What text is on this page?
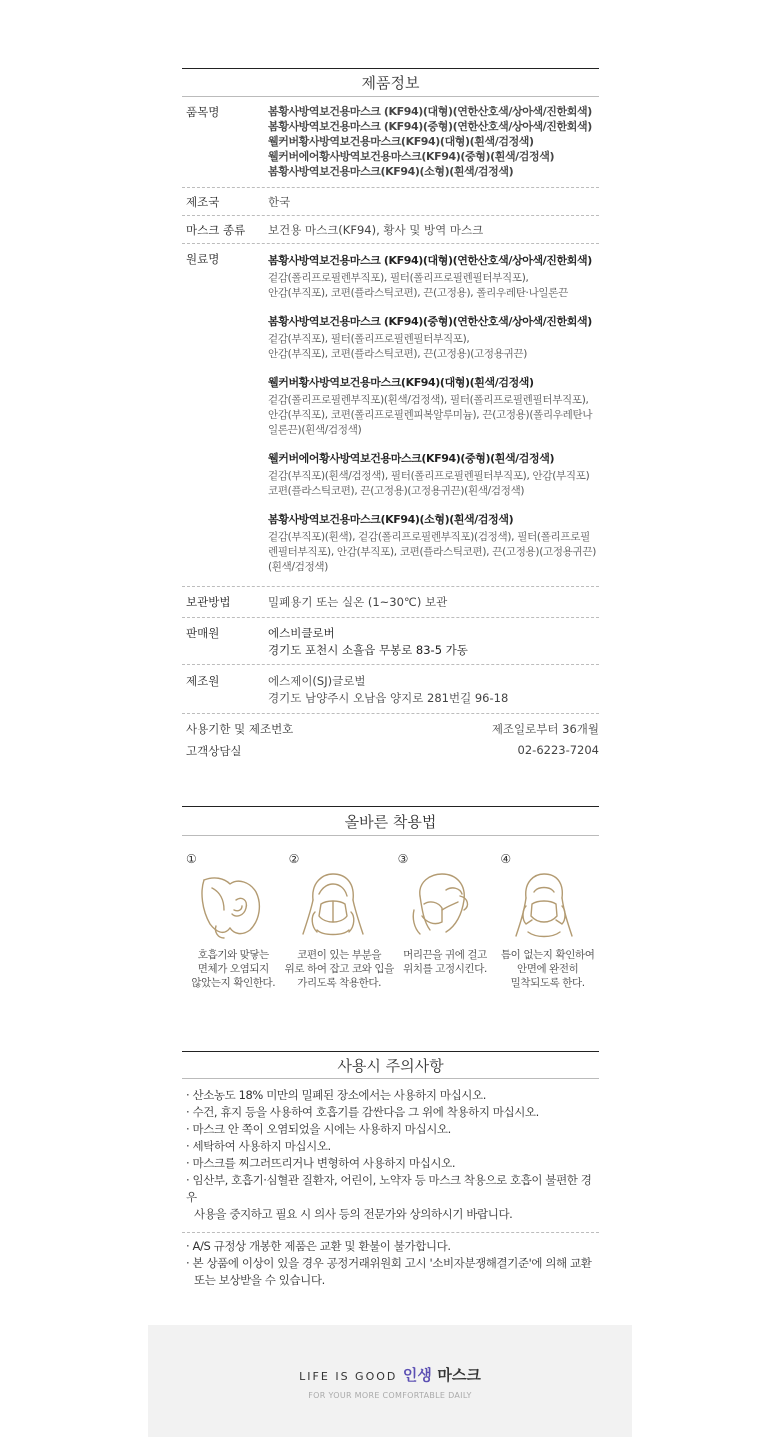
제품정보
품목명	봄황사방역보건용마스크 (KF94)(대형)(연한산호색/상아색/진한회색)
봄황사방역보건용마스크 (KF94)(중형)(연한산호색/상아색/진한회색)
웰커버황사방역보건용마스크(KF94)(대형)(흰색/검정색)
웰커버에어황사방역보건용마스크(KF94)(중형)(흰색/검정색)
봄황사방역보건용마스크(KF94)(소형)(흰색/검정색)
제조국	한국
마스크 종류	보건용 마스크(KF94), 황사 및 방역 마스크
원료명	봄황사방역보건용마스크 (KF94)(대형)(연한산호색/상아색/진한회색)
겉감(폴리프로필렌부직포), 필터(폴리프로필렌필터부직포),
안감(부직포), 코편(플라스틱코편), 끈(고정용), 폴리우레탄·나일론끈
봄황사방역보건용마스크 (KF94)(중형)(연한산호색/상아색/진한회색)
겉감(부직포), 필터(폴리프로필렌필터부직포),
안감(부직포), 코편(플라스틱코편), 끈(고정용)(고정용귀끈)
웰커버황사방역보건용마스크(KF94)(대형)(흰색/검정색)
겉감(폴리프로필렌부직포)(흰색/검정색), 필터(폴리프로필렌필터부직포),
안감(부직포), 코편(폴리프로필렌피복알루미늄), 끈(고정용)(폴리우레탄나
일론끈)(흰색/검정색)
웰커버에어황사방역보건용마스크(KF94)(중형)(흰색/검정색)
겉감(부직포)(흰색/검정색), 필터(폴리프로필렌필터부직포), 안감(부직포)
코편(플라스틱코편), 끈(고정용)(고정용귀끈)(흰색/검정색)
봄황사방역보건용마스크(KF94)(소형)(흰색/검정색)
겉감(부직포)(흰색), 겉감(폴리프로필렌부직포)(검정색), 필터(폴리프로필
렌필터부직포), 안감(부직포), 코편(플라스틱코편), 끈(고정용)(고정용귀끈)
(흰색/검정색)
보관방법	밀폐용기 또는 실온 (1~30℃) 보관
판매원	에스비클로버
경기도 포천시 소흘읍 무봉로 83-5 가동
제조원	에스제이(SJ)글로벌
경기도 남양주시 오남읍 양지로 281번길 96-18
사용기한 및 제조번호	제조일로부터 36개월
고객상담실	02-6223-7204
올바른 착용법
①
호흡기와 맞닿는
면체가 오염되지
않았는지 확인한다.
②
코편이 있는 부분을
위로 하여 잡고 코와 입을
가리도록 착용한다.
③
머리끈을 귀에 걸고
위치를 고정시킨다.
④
틈이 없는지 확인하여
안면에 완전히
밀착되도록 한다.
사용시 주의사항
· 산소농도 18% 미만의 밀폐된 장소에서는 사용하지 마십시오.
· 수건, 휴지 등을 사용하여 호흡기를 감싼다음 그 위에 착용하지 마십시오.
· 마스크 안 쪽이 오염되었을 시에는 사용하지 마십시오.
· 세탁하여 사용하지 마십시오.
· 마스크를 찌그러뜨리거나 변형하여 사용하지 마십시오.
· 임산부, 호흡기·심혈관 질환자, 어린이, 노약자 등 마스크 착용으로 호흡이 불편한 경우
사용을 중지하고 필요 시 의사 등의 전문가와 상의하시기 바랍니다.
· A/S 규정상 개봉한 제품은 교환 및 환불이 불가합니다.
· 본 상품에 이상이 있을 경우 공정거래위원회 고시 '소비자분쟁해결기준'에 의해 교환
또는 보상받을 수 있습니다.
LIFE IS GOOD 인생 마스크
FOR YOUR MORE COMFORTABLE DAILY
